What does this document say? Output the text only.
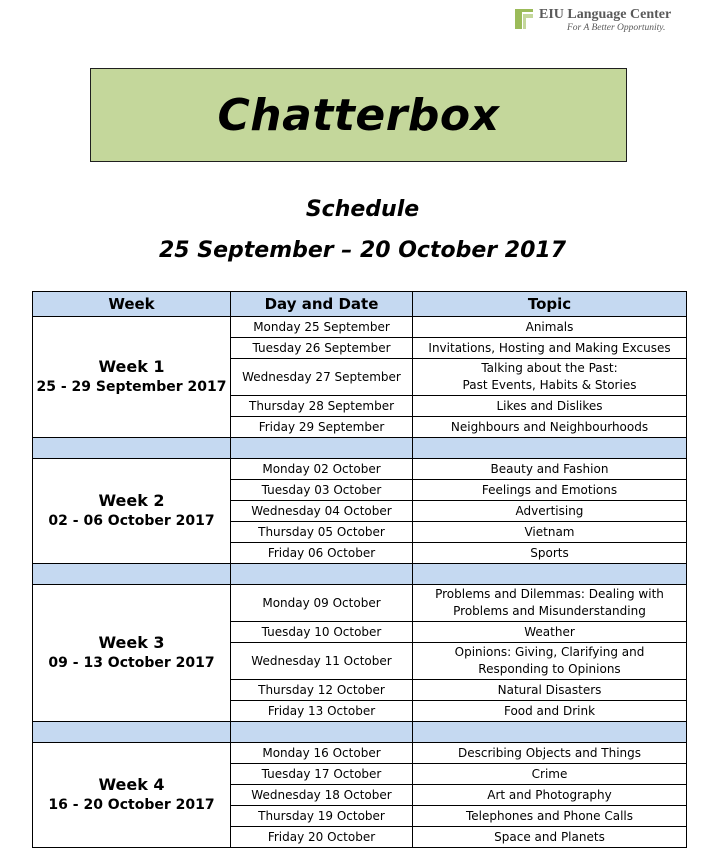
EIU Language Center
For A Better Opportunity.
Chatterbox
Schedule
25 September – 20 October 2017
Week	Day and Date	Topic

Week 1
25 - 29 September 2017	Monday 25 September	Animals
	Tuesday 26 September	Invitations, Hosting and Making Excuses
	Wednesday 27 September	Talking about the Past:
Past Events, Habits & Stories
	Thursday 28 September	Likes and Dislikes
	Friday 29 September	Neighbours and Neighbourhoods

Week 2
02 - 06 October 2017	Monday 02 October	Beauty and Fashion
	Tuesday 03 October	Feelings and Emotions
	Wednesday 04 October	Advertising
	Thursday 05 October	Vietnam
	Friday 06 October	Sports

Week 3
09 - 13 October 2017	Monday 09 October	Problems and Dilemmas: Dealing with
Problems and Misunderstanding
	Tuesday 10 October	Weather
	Wednesday 11 October	Opinions: Giving, Clarifying and
Responding to Opinions
	Thursday 12 October	Natural Disasters
	Friday 13 October	Food and Drink

Week 4
16 - 20 October 2017	Monday 16 October	Describing Objects and Things
	Tuesday 17 October	Crime
	Wednesday 18 October	Art and Photography
	Thursday 19 October	Telephones and Phone Calls
	Friday 20 October	Space and Planets
